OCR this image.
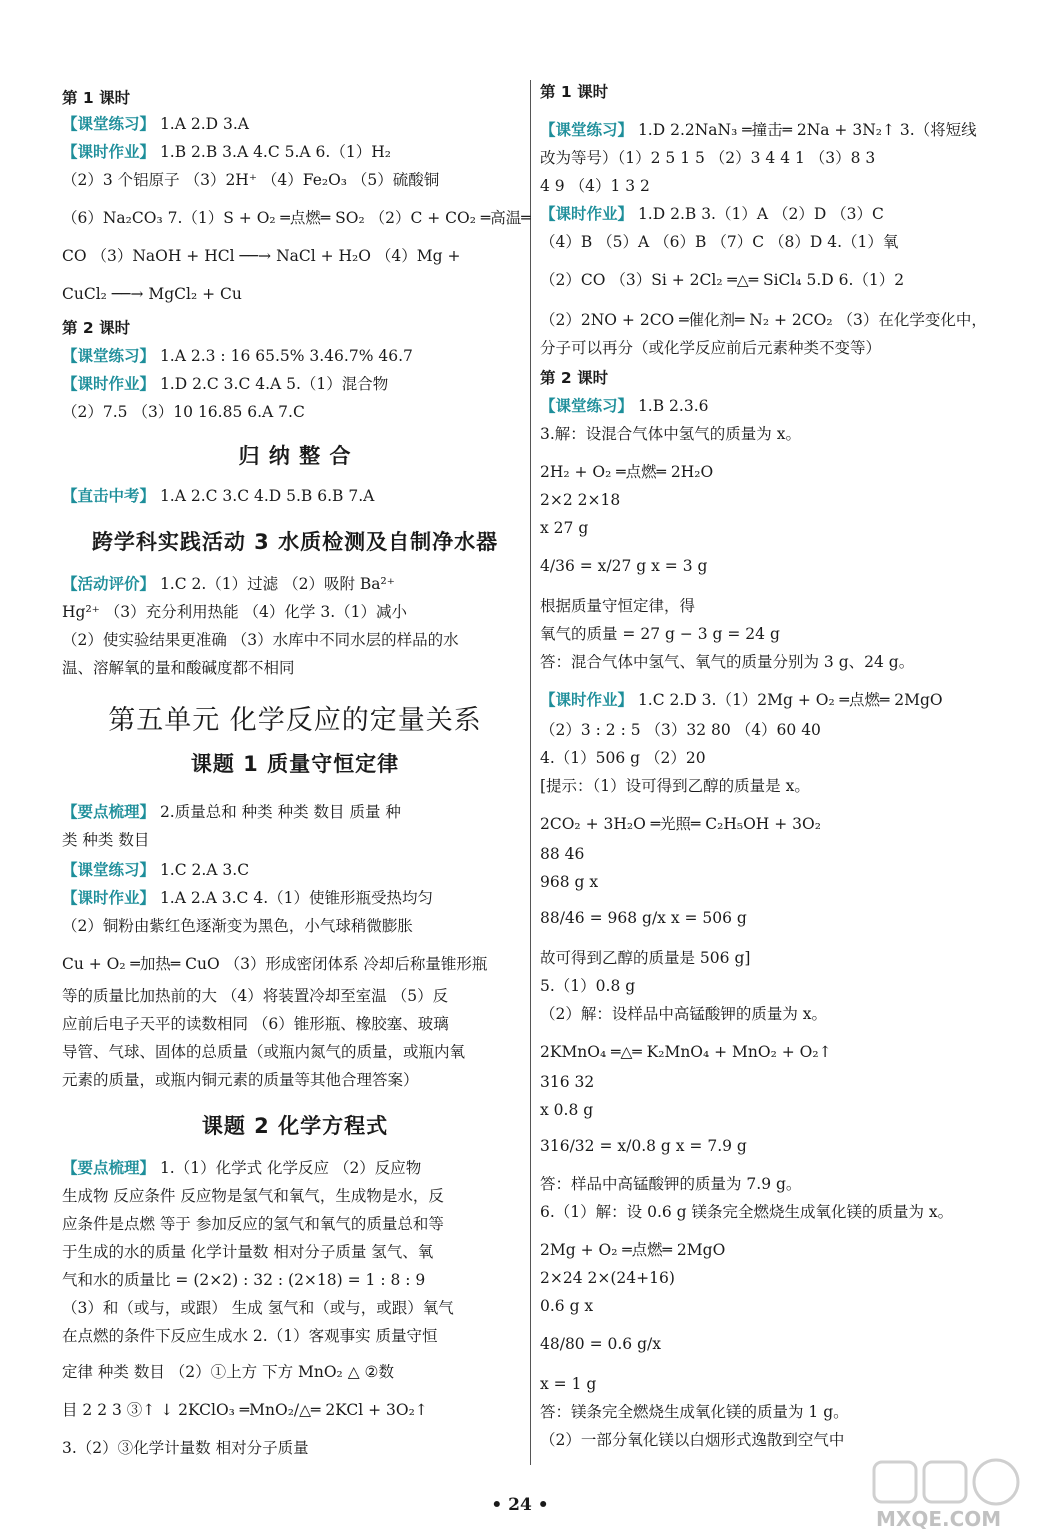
第 1 课时
【课堂练习】 1.A 2.D 3.A
【课时作业】 1.B 2.B 3.A 4.C 5.A 6.（1）H₂
（2）3 个铝原子 （3）2H⁺ （4）Fe₂O₃ （5）硫酸铜
（6）Na₂CO₃ 7.（1）S + O₂ ═点燃═ SO₂ （2）C + CO₂ ═高温═
CO （3）NaOH + HCl ──→ NaCl + H₂O （4）Mg +
CuCl₂ ──→ MgCl₂ + Cu
第 2 课时
【课堂练习】 1.A 2.3 : 16 65.5% 3.46.7% 46.7
【课时作业】 1.D 2.C 3.C 4.A 5.（1）混合物
（2）7.5 （3）10 16.85 6.A 7.C
归 纳 整 合
【直击中考】 1.A 2.C 3.C 4.D 5.B 6.B 7.A
跨学科实践活动 3 水质检测及自制净水器
【活动评价】 1.C 2.（1）过滤 （2）吸附 Ba²⁺
Hg²⁺ （3）充分利用热能 （4）化学 3.（1）减小
（2）使实验结果更准确 （3）水库中不同水层的样品的水
温、溶解氧的量和酸碱度都不相同
第五单元 化学反应的定量关系
课题 1 质量守恒定律
【要点梳理】 2.质量总和 种类 种类 数目 质量 种
类 种类 数目
【课堂练习】 1.C 2.A 3.C
【课时作业】 1.A 2.A 3.C 4.（1）使锥形瓶受热均匀
（2）铜粉由紫红色逐渐变为黑色，小气球稍微膨胀
Cu + O₂ ═加热═ CuO （3）形成密闭体系 冷却后称量锥形瓶
等的质量比加热前的大 （4）将装置冷却至室温 （5）反
应前后电子天平的读数相同 （6）锥形瓶、橡胶塞、玻璃
导管、气球、固体的总质量（或瓶内氮气的质量，或瓶内氧
元素的质量，或瓶内铜元素的质量等其他合理答案）
课题 2 化学方程式
【要点梳理】 1.（1）化学式 化学反应 （2）反应物
生成物 反应条件 反应物是氢气和氧气，生成物是水，反
应条件是点燃 等于 参加反应的氢气和氧气的质量总和等
于生成的水的质量 化学计量数 相对分子质量 氢气、氧
气和水的质量比 = (2×2) : 32 : (2×18) = 1 : 8 : 9
（3）和（或与，或跟） 生成 氢气和（或与，或跟）氧气
在点燃的条件下反应生成水 2.（1）客观事实 质量守恒
定律 种类 数目 （2）①上方 下方 MnO₂ △ ②数
目 2 2 3 ③↑ ↓ 2KClO₃ ═MnO₂/△═ 2KCl + 3O₂↑
3.（2）③化学计量数 相对分子质量
第 1 课时
【课堂练习】 1.D 2.2NaN₃ ═撞击═ 2Na + 3N₂↑ 3.（将短线
改为等号）（1）2 5 1 5 （2）3 4 4 1 （3）8 3
4 9 （4）1 3 2
【课时作业】 1.D 2.B 3.（1）A （2）D （3）C
（4）B （5）A （6）B （7）C （8）D 4.（1）氧
（2）CO （3）Si + 2Cl₂ ═△═ SiCl₄ 5.D 6.（1）2
（2）2NO + 2CO ═催化剂═ N₂ + 2CO₂ （3）在化学变化中，
分子可以再分（或化学反应前后元素种类不变等）
第 2 课时
【课堂练习】 1.B 2.3.6
3.解：设混合气体中氢气的质量为 x。
2H₂ + O₂ ═点燃═ 2H₂O
2×2 2×18
x 27 g
4/36 = x/27 g x = 3 g
根据质量守恒定律，得
氧气的质量 = 27 g − 3 g = 24 g
答：混合气体中氢气、氧气的质量分别为 3 g、24 g。
【课时作业】 1.C 2.D 3.（1）2Mg + O₂ ═点燃═ 2MgO
（2）3 : 2 : 5 （3）32 80 （4）60 40
4.（1）506 g （2）20
[提示：（1）设可得到乙醇的质量是 x。
2CO₂ + 3H₂O ═光照═ C₂H₅OH + 3O₂
88 46
968 g x
88/46 = 968 g/x x = 506 g
故可得到乙醇的质量是 506 g]
5.（1）0.8 g
（2）解：设样品中高锰酸钾的质量为 x。
2KMnO₄ ═△═ K₂MnO₄ + MnO₂ + O₂↑
316 32
x 0.8 g
316/32 = x/0.8 g x = 7.9 g
答：样品中高锰酸钾的质量为 7.9 g。
6.（1）解：设 0.6 g 镁条完全燃烧生成氧化镁的质量为 x。
2Mg + O₂ ═点燃═ 2MgO
2×24 2×(24+16)
0.6 g x
48/80 = 0.6 g/x
x = 1 g
答：镁条完全燃烧生成氧化镁的质量为 1 g。
（2）一部分氧化镁以白烟形式逸散到空气中
• 24 •
MXQE.COM
